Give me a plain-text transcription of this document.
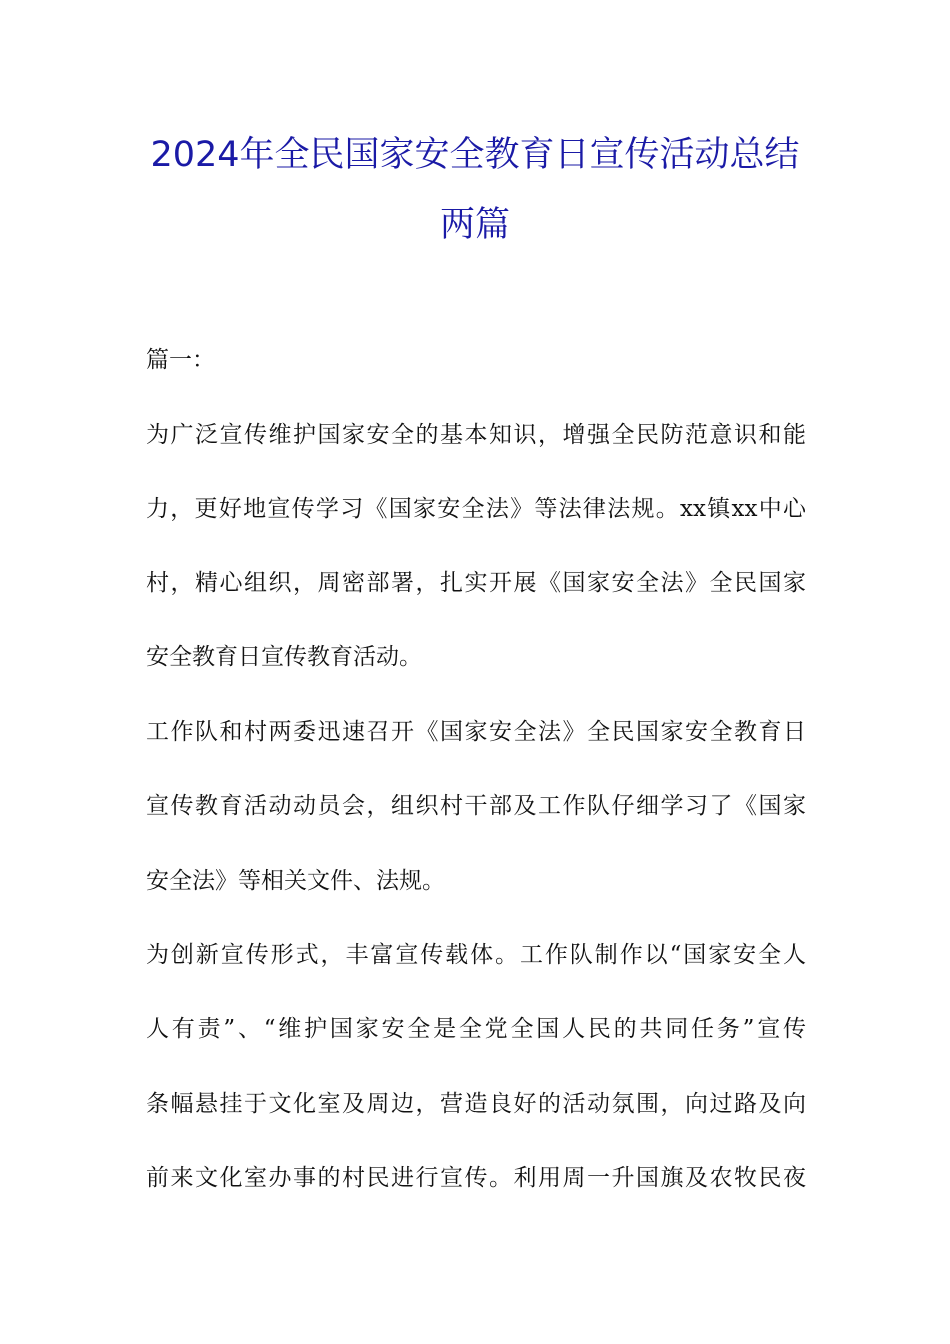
2024年全民国家安全教育日宣传活动总结
两篇

篇一：

为广泛宣传维护国家安全的基本知识，增强全民防范意识和能

力，更好地宣传学习《国家安全法》等法律法规。xx镇xx中心

村，精心组织，周密部署，扎实开展《国家安全法》全民国家

安全教育日宣传教育活动。

工作队和村两委迅速召开《国家安全法》全民国家安全教育日

宣传教育活动动员会，组织村干部及工作队仔细学习了《国家

安全法》等相关文件、法规。

为创新宣传形式，丰富宣传载体。工作队制作以“国家安全人

人有责”、“维护国家安全是全党全国人民的共同任务”宣传

条幅悬挂于文化室及周边，营造良好的活动氛围，向过路及向

前来文化室办事的村民进行宣传。利用周一升国旗及农牧民夜
